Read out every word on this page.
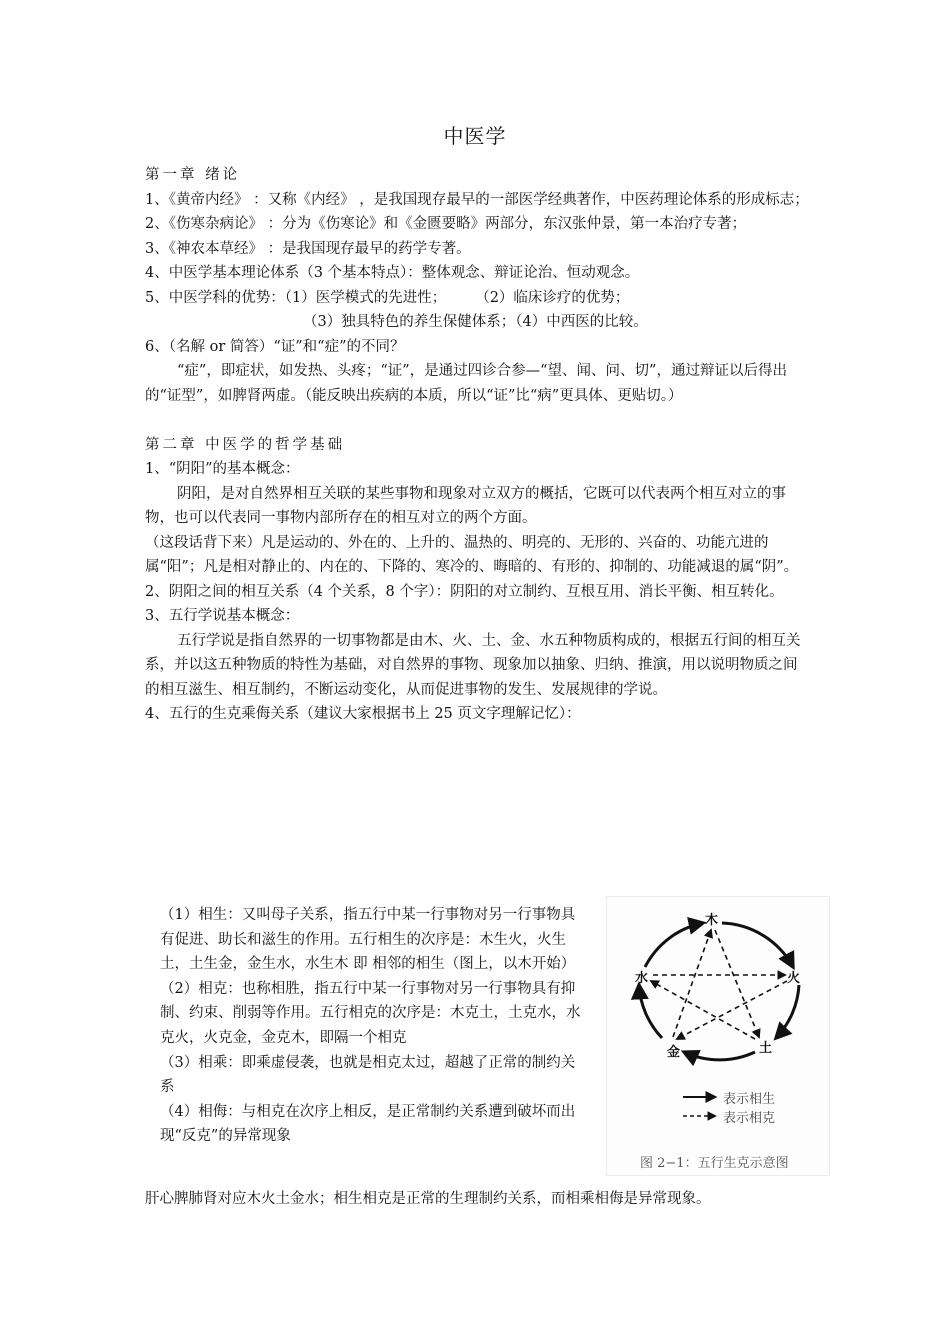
中医学

第一章 绪论

1、《黄帝内经》 ：又称《内经》 ，是我国现存最早的一部医学经典著作，中医药理论体系的形成标志；

2、《伤寒杂病论》 ：分为《伤寒论》和《金匮要略》两部分，东汉张仲景，第一本治疗专著；

3、《神农本草经》 ：是我国现存最早的药学专著。

4、中医学基本理论体系（3 个基本特点）：整体观念、辩证论治、恒动观念。

5、中医学科的优势：（1）医学模式的先进性；　　　（2）临床诊疗的优势；

（3）独具特色的养生保健体系；（4）中西医的比较。

6、（名解 or 简答）“证”和“症”的不同？

“症”，即症状，如发热、头疼；“证”，是通过四诊合参—“望、闻、问、切”，通过辩证以后得出的“证型”，如脾肾两虚。（能反映出疾病的本质，所以“证”比“病”更具体、更贴切。）

第二章 中医学的哲学基础

1、“阴阳”的基本概念：

阴阳，是对自然界相互关联的某些事物和现象对立双方的概括，它既可以代表两个相互对立的事物，也可以代表同一事物内部所存在的相互对立的两个方面。

（这段话背下来）凡是运动的、外在的、上升的、温热的、明亮的、无形的、兴奋的、功能亢进的属“阳”；凡是相对静止的、内在的、下降的、寒冷的、晦暗的、有形的、抑制的、功能减退的属“阴”。

2、阴阳之间的相互关系（4 个关系，8 个字）：阴阳的对立制约、互根互用、消长平衡、相互转化。

3、五行学说基本概念：

五行学说是指自然界的一切事物都是由木、火、土、金、水五种物质构成的，根据五行间的相互关系，并以这五种物质的特性为基础，对自然界的事物、现象加以抽象、归纳、推演，用以说明物质之间的相互滋生、相互制约，不断运动变化，从而促进事物的发生、发展规律的学说。

4、五行的生克乘侮关系（建议大家根据书上 25 页文字理解记忆）：

（1）相生：又叫母子关系，指五行中某一行事物对另一行事物具有促进、助长和滋生的作用。五行相生的次序是：木生火，火生土，土生金，金生水，水生木 即 相邻的相生（图上，以木开始）

（2）相克：也称相胜，指五行中某一行事物对另一行事物具有抑制、约束、削弱等作用。五行相克的次序是：木克土，土克水，水克火，火克金，金克木，即隔一个相克

（3）相乘：即乘虚侵袭，也就是相克太过，超越了正常的制约关系

（4）相侮：与相克在次序上相反，是正常制约关系遭到破坏而出现“反克”的异常现象

木
火
土
金
水
表示相生
表示相克
图 2−1：五行生克示意图
肝心脾肺肾对应木火土金水；相生相克是正常的生理制约关系，而相乘相侮是异常现象。
